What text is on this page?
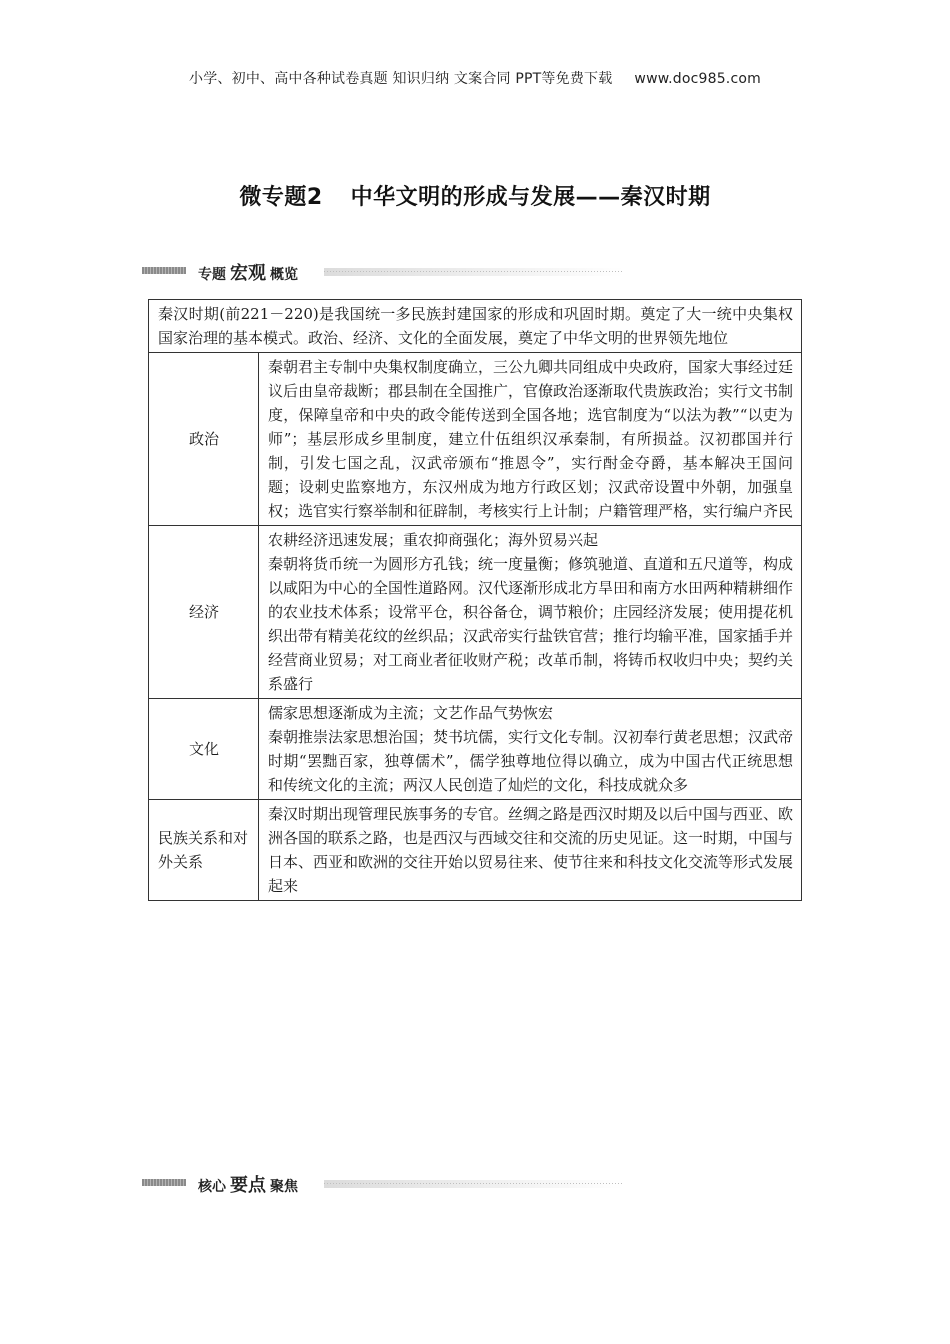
小学、初中、高中各种试卷真题 知识归纳 文案合同 PPT等免费下载 www.doc985.com
微专题2 中华文明的形成与发展——秦汉时期
专题 宏观 概览
秦汉时期(前221－220)是我国统一多民族封建国家的形成和巩固时期。奠定了大一统中央集权国家治理的基本模式。政治、经济、文化的全面发展，奠定了中华文明的世界领先地位	
政治	秦朝君主专制中央集权制度确立，三公九卿共同组成中央政府，国家大事经过廷议后由皇帝裁断；郡县制在全国推广，官僚政治逐渐取代贵族政治；实行文书制度，保障皇帝和中央的政令能传送到全国各地；选官制度为“以法为教”“以吏为师”；基层形成乡里制度，建立什伍组织汉承秦制，有所损益。汉初郡国并行制，引发七国之乱，汉武帝颁布“推恩令”，实行酎金夺爵，基本解决王国问题；设刺史监察地方，东汉州成为地方行政区划；汉武帝设置中外朝，加强皇权；选官实行察举制和征辟制，考核实行上计制；户籍管理严格，实行编户齐民

经济	农耕经济迅速发展；重农抑商强化；海外贸易兴起

秦朝将货币统一为圆形方孔钱；统一度量衡；修筑驰道、直道和五尺道等，构成以咸阳为中心的全国性道路网。汉代逐渐形成北方旱田和南方水田两种精耕细作的农业技术体系；设常平仓，积谷备仓，调节粮价；庄园经济发展；使用提花机织出带有精美花纹的丝织品；汉武帝实行盐铁官营；推行均输平准，国家插手并经营商业贸易；对工商业者征收财产税；改革币制，将铸币权收归中央；契约关系盛行

文化	儒家思想逐渐成为主流；文艺作品气势恢宏

秦朝推崇法家思想治国；焚书坑儒，实行文化专制。汉初奉行黄老思想；汉武帝时期“罢黜百家，独尊儒术”，儒学独尊地位得以确立，成为中国古代正统思想和传统文化的主流；两汉人民创造了灿烂的文化，科技成就众多

民族关系和对外关系	秦汉时期出现管理民族事务的专官。丝绸之路是西汉时期及以后中国与西亚、欧洲各国的联系之路，也是西汉与西域交往和交流的历史见证。这一时期，中国与日本、西亚和欧洲的交往开始以贸易往来、使节往来和科技文化交流等形式发展起来

核心 要点 聚焦
